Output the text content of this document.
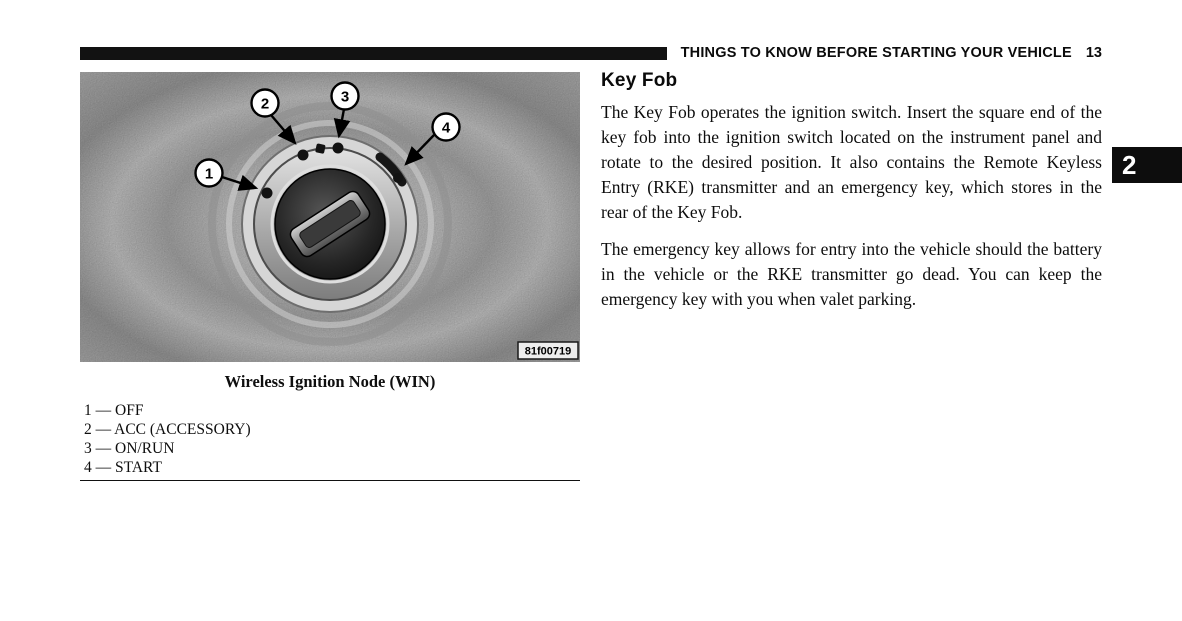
THINGS TO KNOW BEFORE STARTING YOUR VEHICLE 13
2
1
2	3
4
81f00719
Wireless Ignition Node (WIN)
1 — OFF
2 — ACC (ACCESSORY)
3 — ON/RUN
4 — START
Key Fob

The Key Fob operates the ignition switch. Insert the square end of the key fob into the ignition switch located on the instrument panel and rotate to the desired position. It also contains the Remote Keyless Entry (RKE) transmitter and an emergency key, which stores in the rear of the Key Fob.

The emergency key allows for entry into the vehicle should the battery in the vehicle or the RKE transmitter go dead. You can keep the emergency key with you when valet parking.
